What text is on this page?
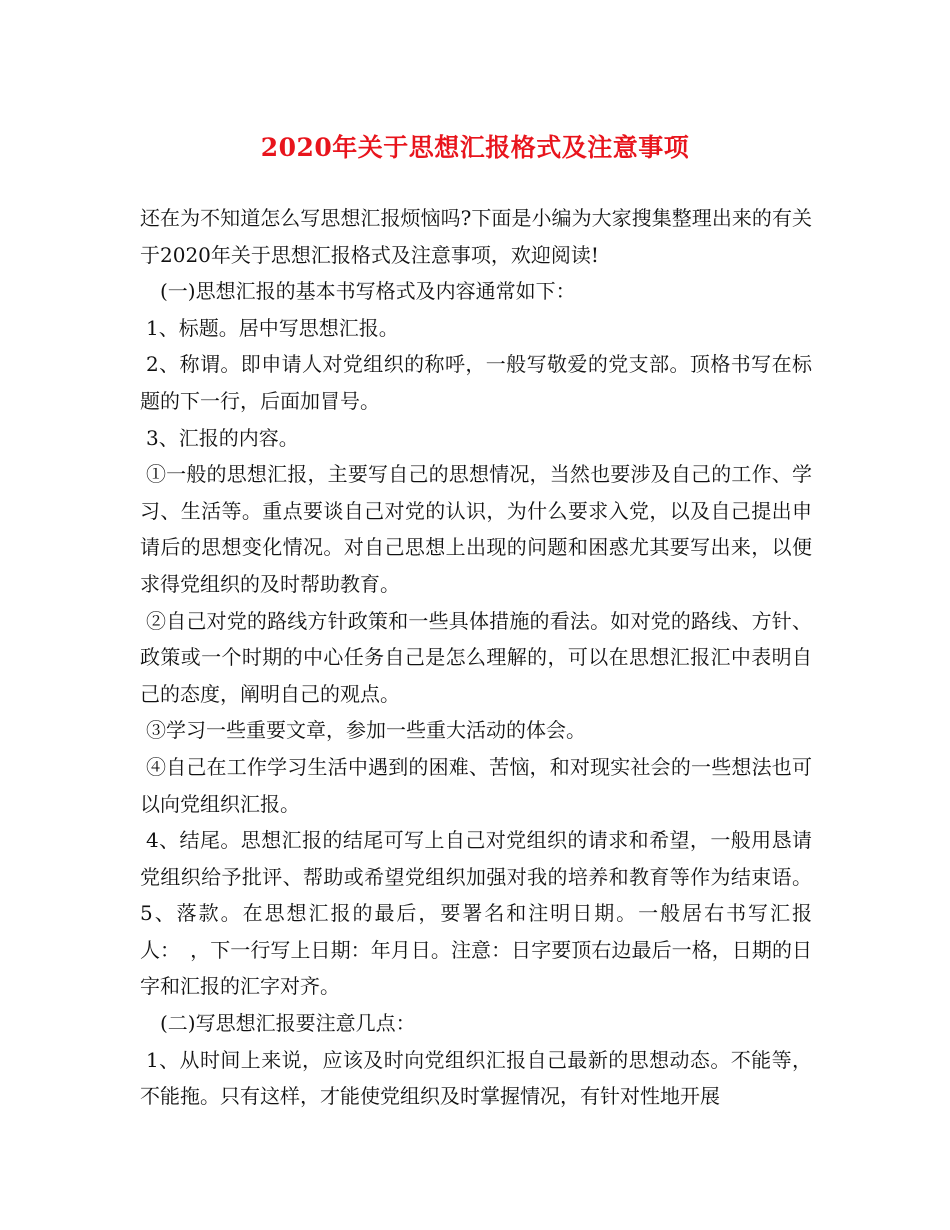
2020年关于思想汇报格式及注意事项

还在为不知道怎么写思想汇报烦恼吗?下面是小编为大家搜集整理出来的有关于2020年关于思想汇报格式及注意事项，欢迎阅读!

(一)思想汇报的基本书写格式及内容通常如下：

1、标题。居中写思想汇报。

2、称谓。即申请人对党组织的称呼，一般写敬爱的党支部。顶格书写在标题的下一行，后面加冒号。

3、汇报的内容。

①一般的思想汇报，主要写自己的思想情况，当然也要涉及自己的工作、学习、生活等。重点要谈自己对党的认识，为什么要求入党，以及自己提出申请后的思想变化情况。对自己思想上出现的问题和困惑尤其要写出来，以便求得党组织的及时帮助教育。

②自己对党的路线方针政策和一些具体措施的看法。如对党的路线、方针、政策或一个时期的中心任务自己是怎么理解的，可以在思想汇报汇中表明自己的态度，阐明自己的观点。

③学习一些重要文章，参加一些重大活动的体会。

④自己在工作学习生活中遇到的困难、苦恼，和对现实社会的一些想法也可以向党组织汇报。

4、结尾。思想汇报的结尾可写上自己对党组织的请求和希望，一般用恳请党组织给予批评、帮助或希望党组织加强对我的培养和教育等作为结束语。5、落款。在思想汇报的最后，要署名和注明日期。一般居右书写汇报人：　，下一行写上日期：年月日。注意：日字要顶右边最后一格，日期的日字和汇报的汇字对齐。

(二)写思想汇报要注意几点：

1、从时间上来说，应该及时向党组织汇报自己最新的思想动态。不能等，不能拖。只有这样，才能使党组织及时掌握情况，有针对性地开展
